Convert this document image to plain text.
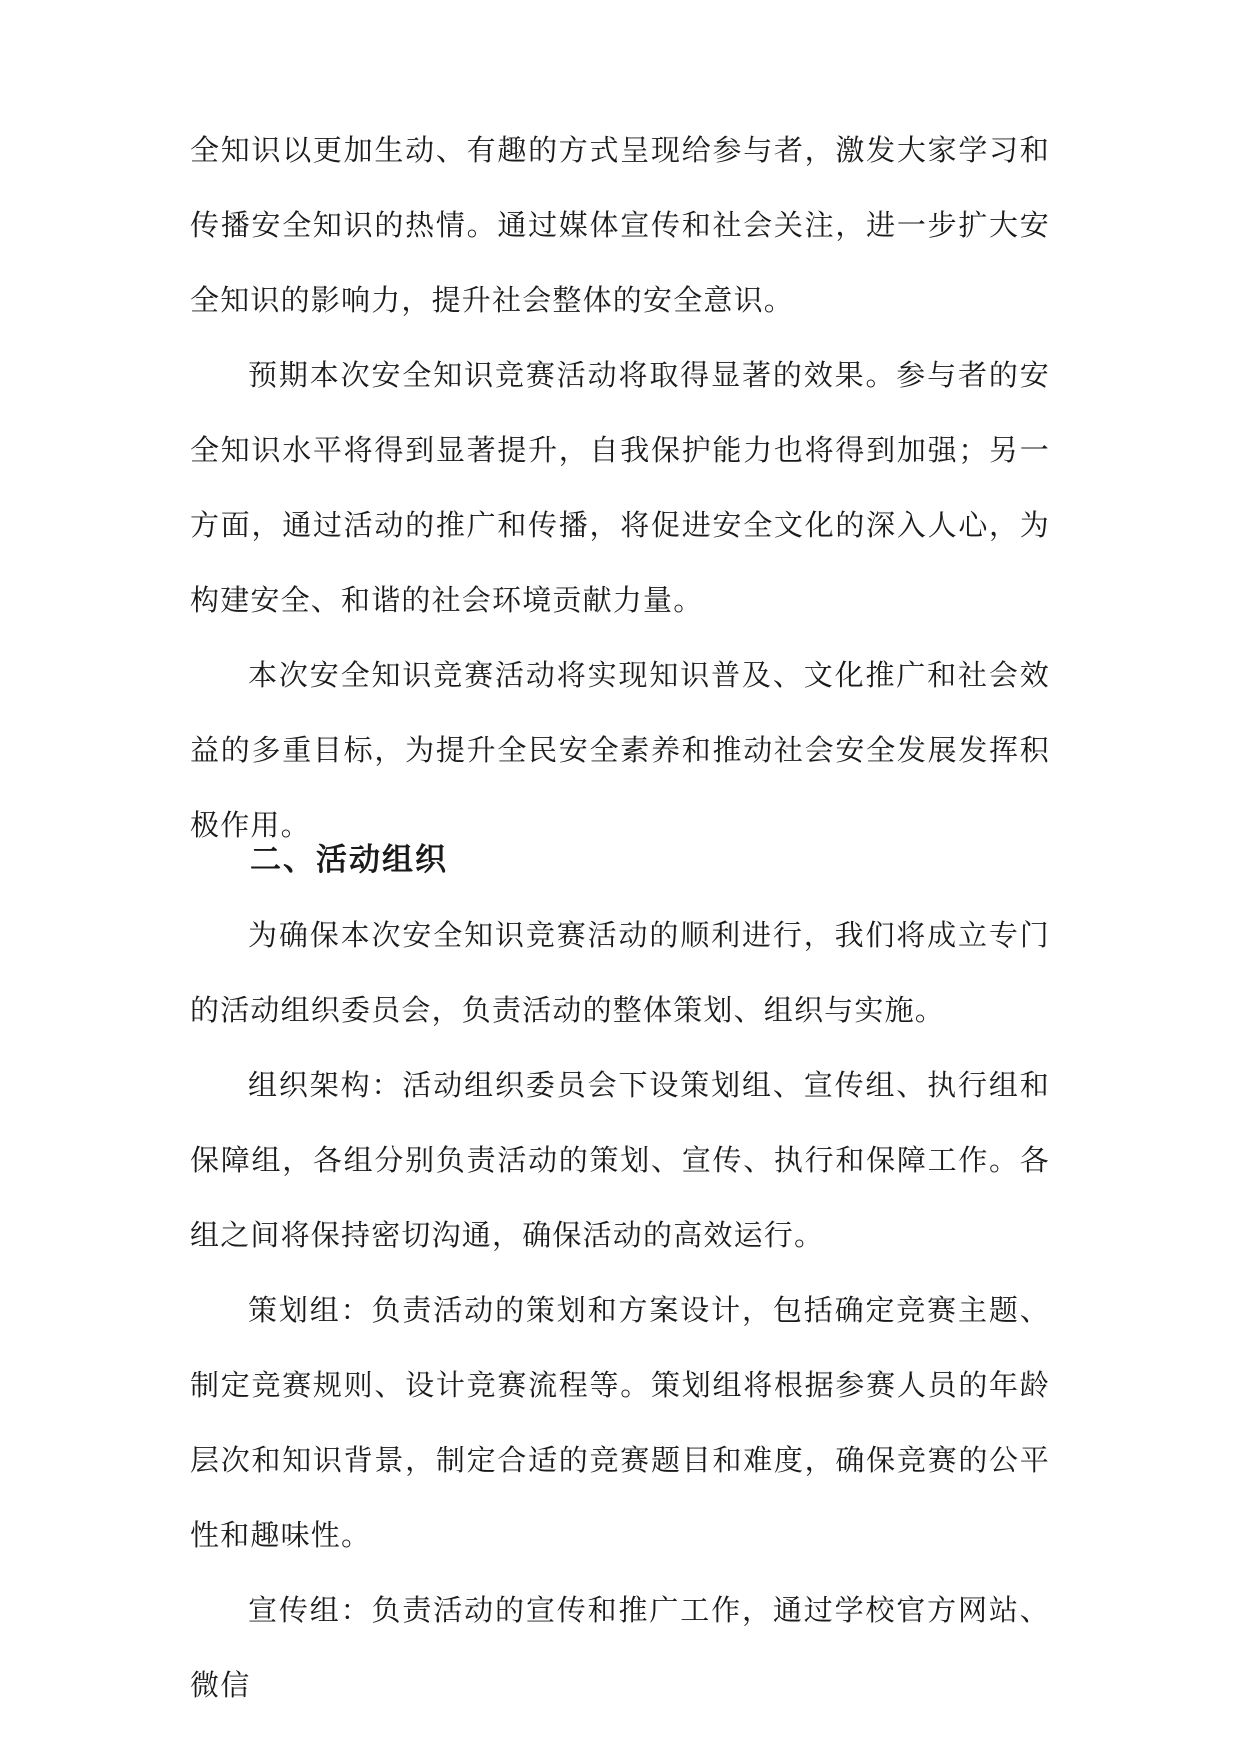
全知识以更加生动、有趣的方式呈现给参与者，激发大家学习和传播安全知识的热情。通过媒体宣传和社会关注，进一步扩大安全知识的影响力，提升社会整体的安全意识。

预期本次安全知识竞赛活动将取得显著的效果。参与者的安全知识水平将得到显著提升，自我保护能力也将得到加强；另一方面，通过活动的推广和传播，将促进安全文化的深入人心，为构建安全、和谐的社会环境贡献力量。

本次安全知识竞赛活动将实现知识普及、文化推广和社会效益的多重目标，为提升全民安全素养和推动社会安全发展发挥积极作用。

二、活动组织

为确保本次安全知识竞赛活动的顺利进行，我们将成立专门的活动组织委员会，负责活动的整体策划、组织与实施。

组织架构：活动组织委员会下设策划组、宣传组、执行组和保障组，各组分别负责活动的策划、宣传、执行和保障工作。各组之间将保持密切沟通，确保活动的高效运行。

策划组：负责活动的策划和方案设计，包括确定竞赛主题、制定竞赛规则、设计竞赛流程等。策划组将根据参赛人员的年龄层次和知识背景，制定合适的竞赛题目和难度，确保竞赛的公平性和趣味性。

宣传组：负责活动的宣传和推广工作，通过学校官方网站、微信
